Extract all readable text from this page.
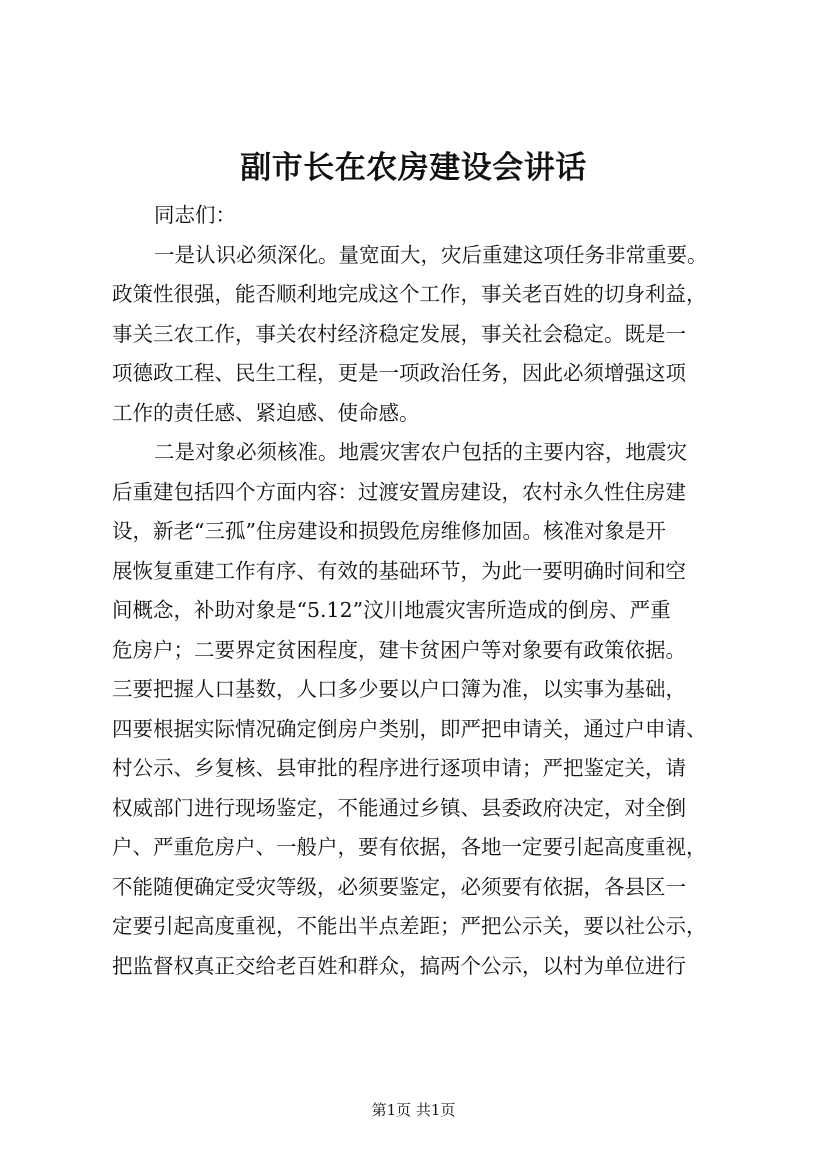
副市长在农房建设会讲话
同志们：
一是认识必须深化。量宽面大，灾后重建这项任务非常重要。
政策性很强，能否顺利地完成这个工作，事关老百姓的切身利益，
事关三农工作，事关农村经济稳定发展，事关社会稳定。既是一
项德政工程、民生工程，更是一项政治任务，因此必须增强这项
工作的责任感、紧迫感、使命感。
二是对象必须核准。地震灾害农户包括的主要内容，地震灾
后重建包括四个方面内容：过渡安置房建设，农村永久性住房建
设，新老“三孤”住房建设和损毁危房维修加固。核准对象是开
展恢复重建工作有序、有效的基础环节，为此一要明确时间和空
间概念，补助对象是“5.12”汶川地震灾害所造成的倒房、严重
危房户；二要界定贫困程度，建卡贫困户等对象要有政策依据。
三要把握人口基数，人口多少要以户口簿为准，以实事为基础，
四要根据实际情况确定倒房户类别，即严把申请关，通过户申请、
村公示、乡复核、县审批的程序进行逐项申请；严把鉴定关，请
权威部门进行现场鉴定，不能通过乡镇、县委政府决定，对全倒
户、严重危房户、一般户，要有依据，各地一定要引起高度重视，
不能随便确定受灾等级，必须要鉴定，必须要有依据，各县区一
定要引起高度重视，不能出半点差距；严把公示关，要以社公示，
把监督权真正交给老百姓和群众，搞两个公示，以村为单位进行
第1页 共1页
